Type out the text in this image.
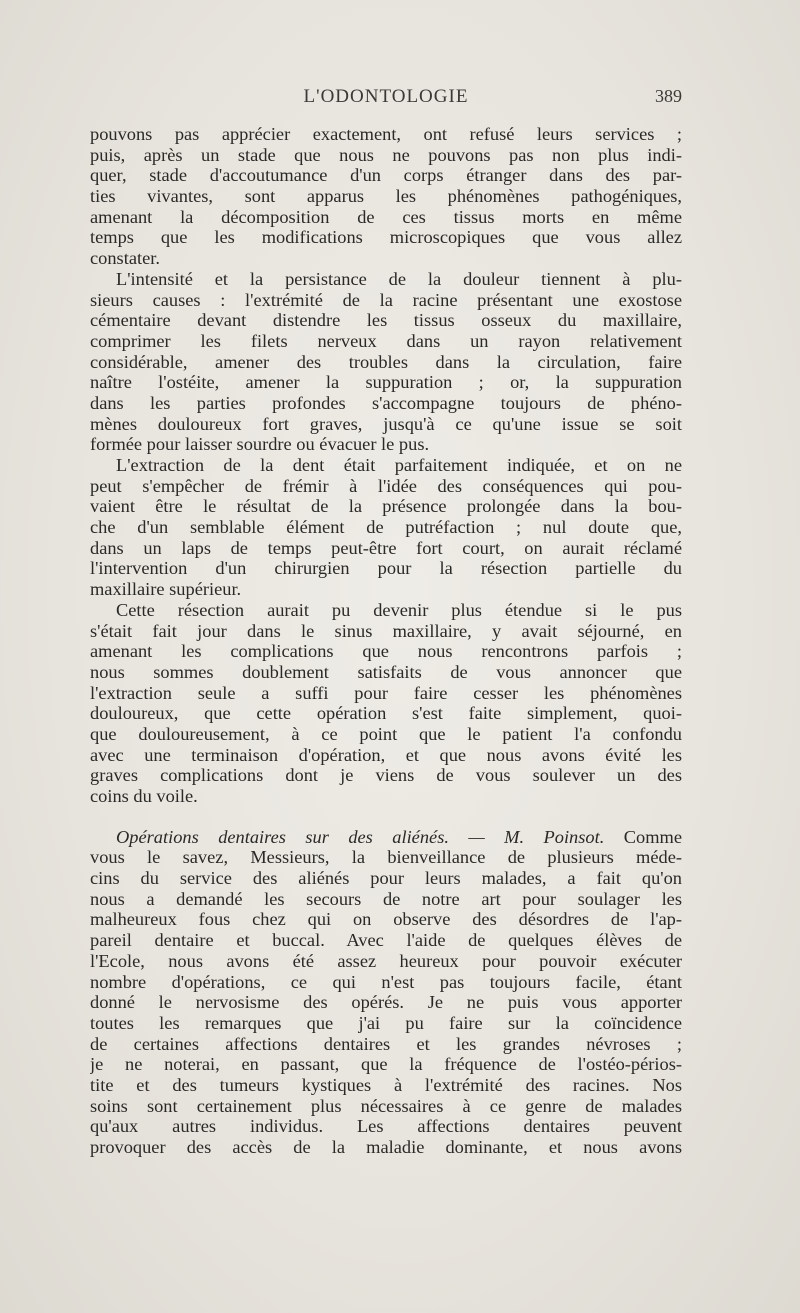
L'ODONTOLOGIE	389
pouvons pas apprécier exactement, ont refusé leurs services ;
puis, après un stade que nous ne pouvons pas non plus indi-
quer, stade d'accoutumance d'un corps étranger dans des par-
ties vivantes, sont apparus les phénomènes pathogéniques,
amenant la décomposition de ces tissus morts en même
temps que les modifications microscopiques que vous allez
constater.
L'intensité et la persistance de la douleur tiennent à plu-
sieurs causes : l'extrémité de la racine présentant une exostose
cémentaire devant distendre les tissus osseux du maxillaire,
comprimer les filets nerveux dans un rayon relativement
considérable, amener des troubles dans la circulation, faire
naître l'ostéite, amener la suppuration ; or, la suppuration
dans les parties profondes s'accompagne toujours de phéno-
mènes douloureux fort graves, jusqu'à ce qu'une issue se soit
formée pour laisser sourdre ou évacuer le pus.
L'extraction de la dent était parfaitement indiquée, et on ne
peut s'empêcher de frémir à l'idée des conséquences qui pou-
vaient être le résultat de la présence prolongée dans la bou-
che d'un semblable élément de putréfaction ; nul doute que,
dans un laps de temps peut-être fort court, on aurait réclamé
l'intervention d'un chirurgien pour la résection partielle du
maxillaire supérieur.
Cette résection aurait pu devenir plus étendue si le pus
s'était fait jour dans le sinus maxillaire, y avait séjourné, en
amenant les complications que nous rencontrons parfois ;
nous sommes doublement satisfaits de vous annoncer que
l'extraction seule a suffi pour faire cesser les phénomènes
douloureux, que cette opération s'est faite simplement, quoi-
que douloureusement, à ce point que le patient l'a confondu
avec une terminaison d'opération, et que nous avons évité les
graves complications dont je viens de vous soulever un des
coins du voile.
Opérations dentaires sur des aliénés. — M. Poinsot. Comme
vous le savez, Messieurs, la bienveillance de plusieurs méde-
cins du service des aliénés pour leurs malades, a fait qu'on
nous a demandé les secours de notre art pour soulager les
malheureux fous chez qui on observe des désordres de l'ap-
pareil dentaire et buccal. Avec l'aide de quelques élèves de
l'Ecole, nous avons été assez heureux pour pouvoir exécuter
nombre d'opérations, ce qui n'est pas toujours facile, étant
donné le nervosisme des opérés. Je ne puis vous apporter
toutes les remarques que j'ai pu faire sur la coïncidence
de certaines affections dentaires et les grandes névroses ;
je ne noterai, en passant, que la fréquence de l'ostéo-périos-
tite et des tumeurs kystiques à l'extrémité des racines. Nos
soins sont certainement plus nécessaires à ce genre de malades
qu'aux autres individus. Les affections dentaires peuvent
provoquer des accès de la maladie dominante, et nous avons
